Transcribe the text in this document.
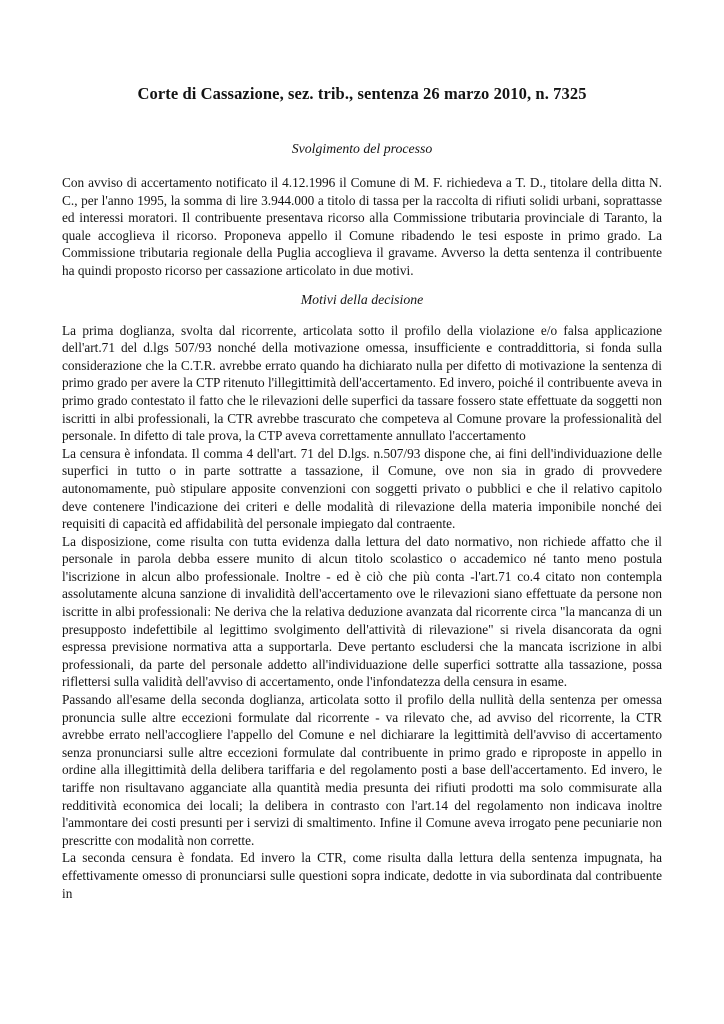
Corte di Cassazione, sez. trib., sentenza 26 marzo 2010, n. 7325
Svolgimento del processo

Con avviso di accertamento notificato il 4.12.1996 il Comune di M. F. richiedeva a T. D., titolare della ditta N. C., per l'anno 1995, la somma di lire 3.944.000 a titolo di tassa per la raccolta di rifiuti solidi urbani, soprattasse ed interessi moratori. Il contribuente presentava ricorso alla Commissione tributaria provinciale di Taranto, la quale accoglieva il ricorso. Proponeva appello il Comune ribadendo le tesi esposte in primo grado. La Commissione tributaria regionale della Puglia accoglieva il gravame. Avverso la detta sentenza il contribuente ha quindi proposto ricorso per cassazione articolato in due motivi.

Motivi della decisione

La prima doglianza, svolta dal ricorrente, articolata sotto il profilo della violazione e/o falsa applicazione dell'art.71 del d.lgs 507/93 nonché della motivazione omessa, insufficiente e contraddittoria, si fonda sulla considerazione che la C.T.R. avrebbe errato quando ha dichiarato nulla per difetto di motivazione la sentenza di primo grado per avere la CTP ritenuto l'illegittimità dell'accertamento. Ed invero, poiché il contribuente aveva in primo grado contestato il fatto che le rilevazioni delle superfici da tassare fossero state effettuate da soggetti non iscritti in albi professionali, la CTR avrebbe trascurato che competeva al Comune provare la professionalità del personale. In difetto di tale prova, la CTP aveva correttamente annullato l'accertamento

La censura è infondata. Il comma 4 dell'art. 71 del D.lgs. n.507/93 dispone che, ai fini dell'individuazione delle superfici in tutto o in parte sottratte a tassazione, il Comune, ove non sia in grado di provvedere autonomamente, può stipulare apposite convenzioni con soggetti privato o pubblici e che il relativo capitolo deve contenere l'indicazione dei criteri e delle modalità di rilevazione della materia imponibile nonché dei requisiti di capacità ed affidabilità del personale impiegato dal contraente.

La disposizione, come risulta con tutta evidenza dalla lettura del dato normativo, non richiede affatto che il personale in parola debba essere munito di alcun titolo scolastico o accademico né tanto meno postula l'iscrizione in alcun albo professionale. Inoltre - ed è ciò che più conta -l'art.71 co.4 citato non contempla assolutamente alcuna sanzione di invalidità dell'accertamento ove le rilevazioni siano effettuate da persone non iscritte in albi professionali: Ne deriva che la relativa deduzione avanzata dal ricorrente circa "la mancanza di un presupposto indefettibile al legittimo svolgimento dell'attività di rilevazione" si rivela disancorata da ogni espressa previsione normativa atta a supportarla. Deve pertanto escludersi che la mancata iscrizione in albi professionali, da parte del personale addetto all'individuazione delle superfici sottratte alla tassazione, possa riflettersi sulla validità dell'avviso di accertamento, onde l'infondatezza della censura in esame.

Passando all'esame della seconda doglianza, articolata sotto il profilo della nullità della sentenza per omessa pronuncia sulle altre eccezioni formulate dal ricorrente - va rilevato che, ad avviso del ricorrente, la CTR avrebbe errato nell'accogliere l'appello del Comune e nel dichiarare la legittimità dell'avviso di accertamento senza pronunciarsi sulle altre eccezioni formulate dal contribuente in primo grado e riproposte in appello in ordine alla illegittimità della delibera tariffaria e del regolamento posti a base dell'accertamento. Ed invero, le tariffe non risultavano agganciate alla quantità media presunta dei rifiuti prodotti ma solo commisurate alla redditività economica dei locali; la delibera in contrasto con l'art.14 del regolamento non indicava inoltre l'ammontare dei costi presunti per i servizi di smaltimento. Infine il Comune aveva irrogato pene pecuniarie non prescritte con modalità non corrette.

La seconda censura è fondata. Ed invero la CTR, come risulta dalla lettura della sentenza impugnata, ha effettivamente omesso di pronunciarsi sulle questioni sopra indicate, dedotte in via subordinata dal contribuente in
